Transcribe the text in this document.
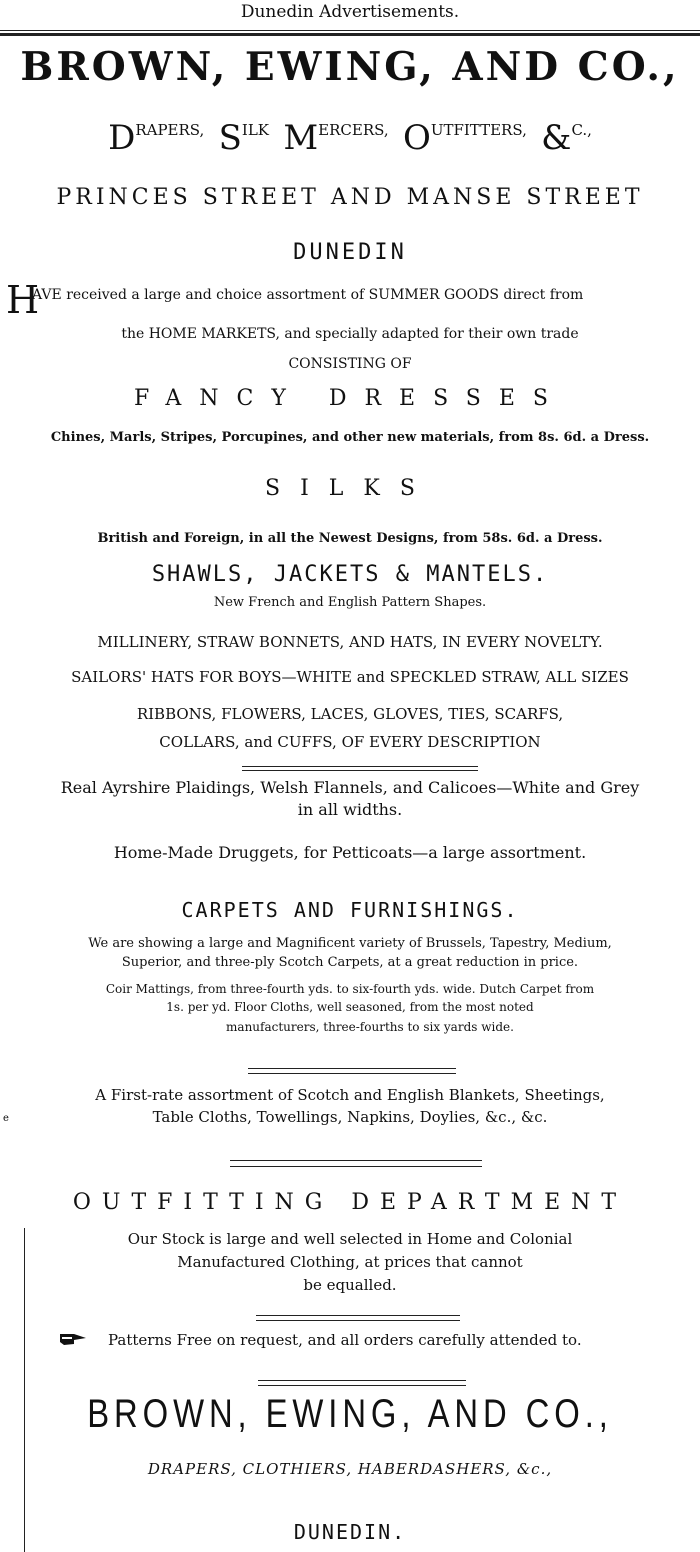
Dunedin Advertisements.
BROWN, EWING, AND CO.,
DRAPERS, SILK MERCERS, OUTFITTERS, &C.,
PRINCES STREET AND MANSE STREET
DUNEDIN
H
AVE received a large and choice assortment of SUMMER GOODS direct from
the HOME MARKETS, and specially adapted for their own trade
CONSISTING OF
FANCY DRESSES
Chines, Marls, Stripes, Porcupines, and other new materials, from 8s. 6d. a Dress.
SILKS
British and Foreign, in all the Newest Designs, from 58s. 6d. a Dress.
SHAWLS, JACKETS & MANTELS.
New French and English Pattern Shapes.
MILLINERY, STRAW BONNETS, AND HATS, IN EVERY NOVELTY.
SAILORS' HATS FOR BOYS—WHITE and SPECKLED STRAW, ALL SIZES
RIBBONS, FLOWERS, LACES, GLOVES, TIES, SCARFS,
COLLARS, and CUFFS, OF EVERY DESCRIPTION
Real Ayrshire Plaidings, Welsh Flannels, and Calicoes—White and Grey
in all widths.
Home-Made Druggets, for Petticoats—a large assortment.
CARPETS AND FURNISHINGS.
We are showing a large and Magnificent variety of Brussels, Tapestry, Medium,
Superior, and three-ply Scotch Carpets, at a great reduction in price.
Coir Mattings, from three-fourth yds. to six-fourth yds. wide. Dutch Carpet from
1s. per yd. Floor Cloths, well seasoned, from the most noted
manufacturers, three-fourths to six yards wide.
A First-rate assortment of Scotch and English Blankets, Sheetings,
Table Cloths, Towellings, Napkins, Doylies, &c., &c.
OUTFITTING DEPARTMENT
Our Stock is large and well selected in Home and Colonial
Manufactured Clothing, at prices that cannot
be equalled.
Patterns Free on request, and all orders carefully attended to.
BROWN, EWING, AND CO.,
DRAPERS, CLOTHIERS, HABERDASHERS, &c.,
DUNEDIN.
e
